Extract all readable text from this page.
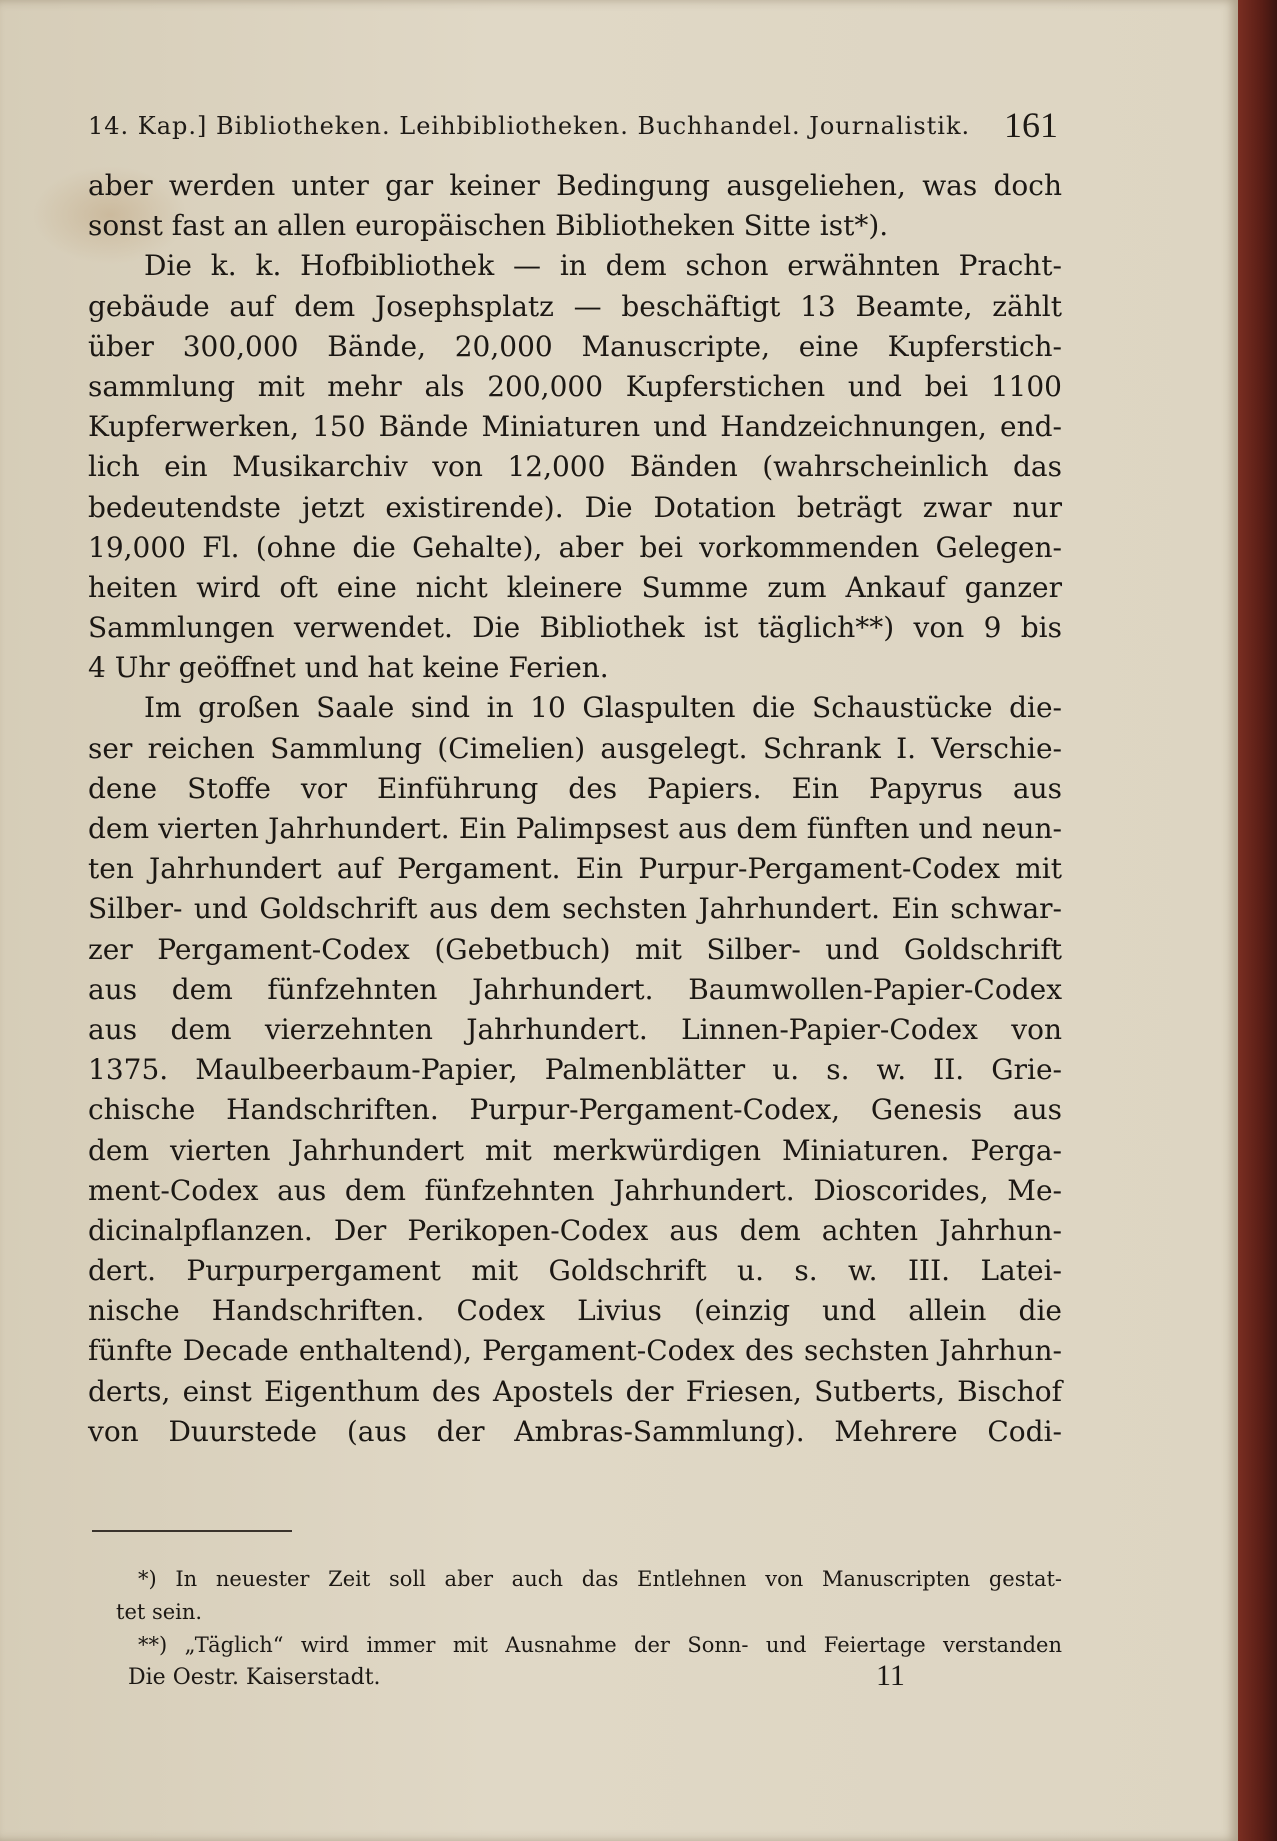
14. Kap.] Bibliotheken. Leihbibliotheken. Buchhandel. Journalistik. 161
aber werden unter gar keiner Bedingung ausgeliehen, was doch
sonst fast an allen europäischen Bibliotheken Sitte ist*).
Die k. k. Hofbibliothek — in dem schon erwähnten Pracht-
gebäude auf dem Josephsplatz — beschäftigt 13 Beamte, zählt
über 300,000 Bände, 20,000 Manuscripte, eine Kupferstich-
sammlung mit mehr als 200,000 Kupferstichen und bei 1100
Kupferwerken, 150 Bände Miniaturen und Handzeichnungen, end-
lich ein Musikarchiv von 12,000 Bänden (wahrscheinlich das
bedeutendste jetzt existirende). Die Dotation beträgt zwar nur
19,000 Fl. (ohne die Gehalte), aber bei vorkommenden Gelegen-
heiten wird oft eine nicht kleinere Summe zum Ankauf ganzer
Sammlungen verwendet. Die Bibliothek ist täglich**) von 9 bis
4 Uhr geöffnet und hat keine Ferien.
Im großen Saale sind in 10 Glaspulten die Schaustücke die-
ser reichen Sammlung (Cimelien) ausgelegt. Schrank I. Verschie-
dene Stoffe vor Einführung des Papiers. Ein Papyrus aus
dem vierten Jahrhundert. Ein Palimpsest aus dem fünften und neun-
ten Jahrhundert auf Pergament. Ein Purpur-Pergament-Codex mit
Silber- und Goldschrift aus dem sechsten Jahrhundert. Ein schwar-
zer Pergament-Codex (Gebetbuch) mit Silber- und Goldschrift
aus dem fünfzehnten Jahrhundert. Baumwollen-Papier-Codex
aus dem vierzehnten Jahrhundert. Linnen-Papier-Codex von
1375. Maulbeerbaum-Papier, Palmenblätter u. s. w. II. Grie-
chische Handschriften. Purpur-Pergament-Codex, Genesis aus
dem vierten Jahrhundert mit merkwürdigen Miniaturen. Perga-
ment-Codex aus dem fünfzehnten Jahrhundert. Dioscorides, Me-
dicinalpflanzen. Der Perikopen-Codex aus dem achten Jahrhun-
dert. Purpurpergament mit Goldschrift u. s. w. III. Latei-
nische Handschriften. Codex Livius (einzig und allein die
fünfte Decade enthaltend), Pergament-Codex des sechsten Jahrhun-
derts, einst Eigenthum des Apostels der Friesen, Sutberts, Bischof
von Duurstede (aus der Ambras-Sammlung). Mehrere Codi-
*) In neuester Zeit soll aber auch das Entlehnen von Manuscripten gestat-
tet sein.
**) „Täglich“ wird immer mit Ausnahme der Sonn- und Feiertage verstanden
Die Oestr. Kaiserstadt.	11
